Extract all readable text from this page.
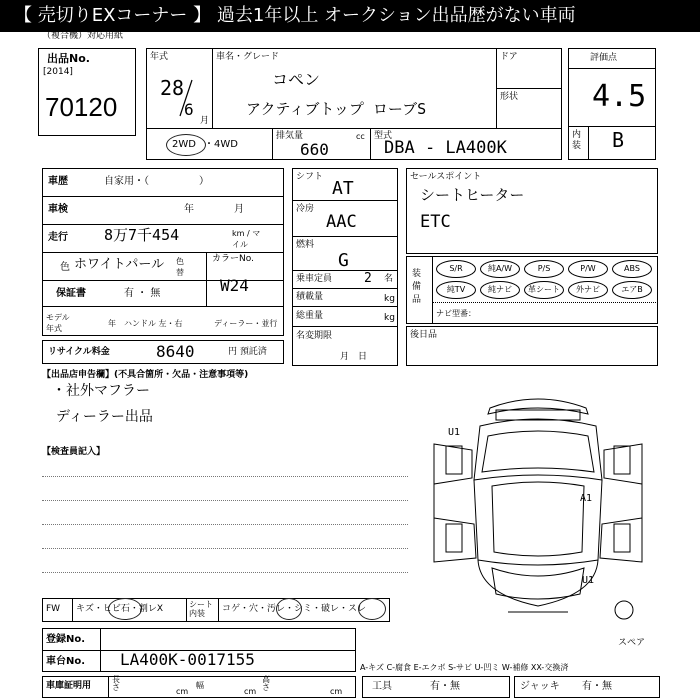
【 売切りEXコーナー 】 過去1年以上 オークション出品歴がない車両
（複合機）対応用紙
出品No.
[2014]
70120
年式
28
6
月
車名・グレード
コペン
アクティブトップ ローブS
ドア
形状
2WD ・4WD
排気量	cc
660
型式
DBA - LA400K
評価点
4.5
内装 B
車歴	自家用・（　　　　　）
車検	年　　　　月
走行 8万7千454	km / マイル
色 ホワイトパール 色替
カラーNo.
W24
保証書	有 ・ 無
モデル年式
年 ハンドル 左・右	ディーラー・並行
リサイクル料金	8640	円 預託済
シフト
AT
冷房
AAC
燃料
G
乗車定員 2 名
積載量	kg
総重量	kg
名変期限
月　日
セールスポイント
シートヒーター
ETC
装備品
S/R	純A/W	P/S	P/W	ABS
純TV	純ナビ	革シート	外ナビ	エアB
ナビ型番：
後日品
【出品店申告欄】(不具合箇所・欠品・注意事項等)
・社外マフラー
ディーラー出品
【検査員記入】
U1
A1
U1
スペア
FW キズ・ヒビ石・割レX	シート内装	コゲ・穴・汚レ・シミ・破レ・スレ
登録No.
車台No. LA400K-0017155	A-キズ C-腐食 E-エクボ S-サビ U-凹ミ W-補修 XX-交換済
車庫証明用
長さ	cm
幅
cm
高さ	cm	工具	有・無	ジャッキ 有・無
